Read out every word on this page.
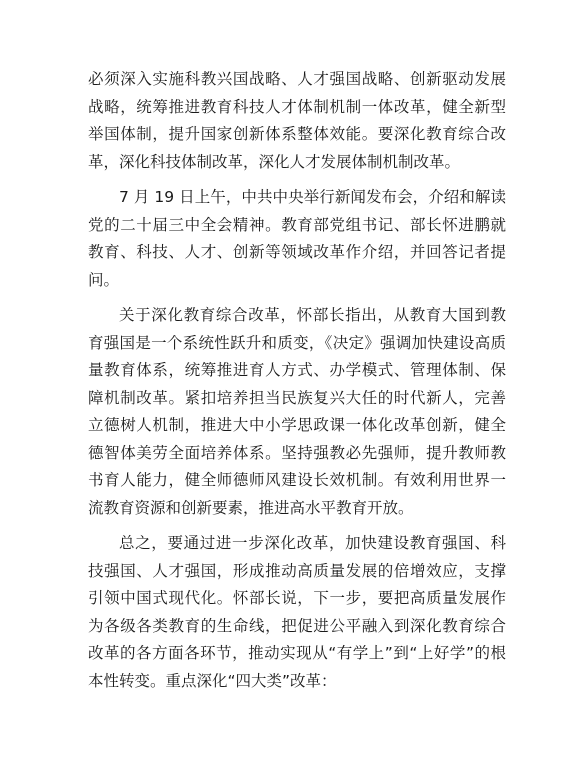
必须深入实施科教兴国战略、人才强国战略、创新驱动发展战略，统筹推进教育科技人才体制机制一体改革，健全新型举国体制，提升国家创新体系整体效能。要深化教育综合改革，深化科技体制改革，深化人才发展体制机制改革。

7 月 19 日上午，中共中央举行新闻发布会，介绍和解读党的二十届三中全会精神。教育部党组书记、部长怀进鹏就教育、科技、人才、创新等领域改革作介绍，并回答记者提问。

关于深化教育综合改革，怀部长指出，从教育大国到教育强国是一个系统性跃升和质变，《决定》强调加快建设高质量教育体系，统筹推进育人方式、办学模式、管理体制、保障机制改革。紧扣培养担当民族复兴大任的时代新人，完善立德树人机制，推进大中小学思政课一体化改革创新，健全德智体美劳全面培养体系。坚持强教必先强师，提升教师教书育人能力，健全师德师风建设长效机制。有效利用世界一流教育资源和创新要素，推进高水平教育开放。

总之，要通过进一步深化改革，加快建设教育强国、科技强国、人才强国，形成推动高质量发展的倍增效应，支撑引领中国式现代化。怀部长说，下一步，要把高质量发展作为各级各类教育的生命线，把促进公平融入到深化教育综合改革的各方面各环节，推动实现从“有学上”到“上好学”的根本性转变。重点深化“四大类”改革：
